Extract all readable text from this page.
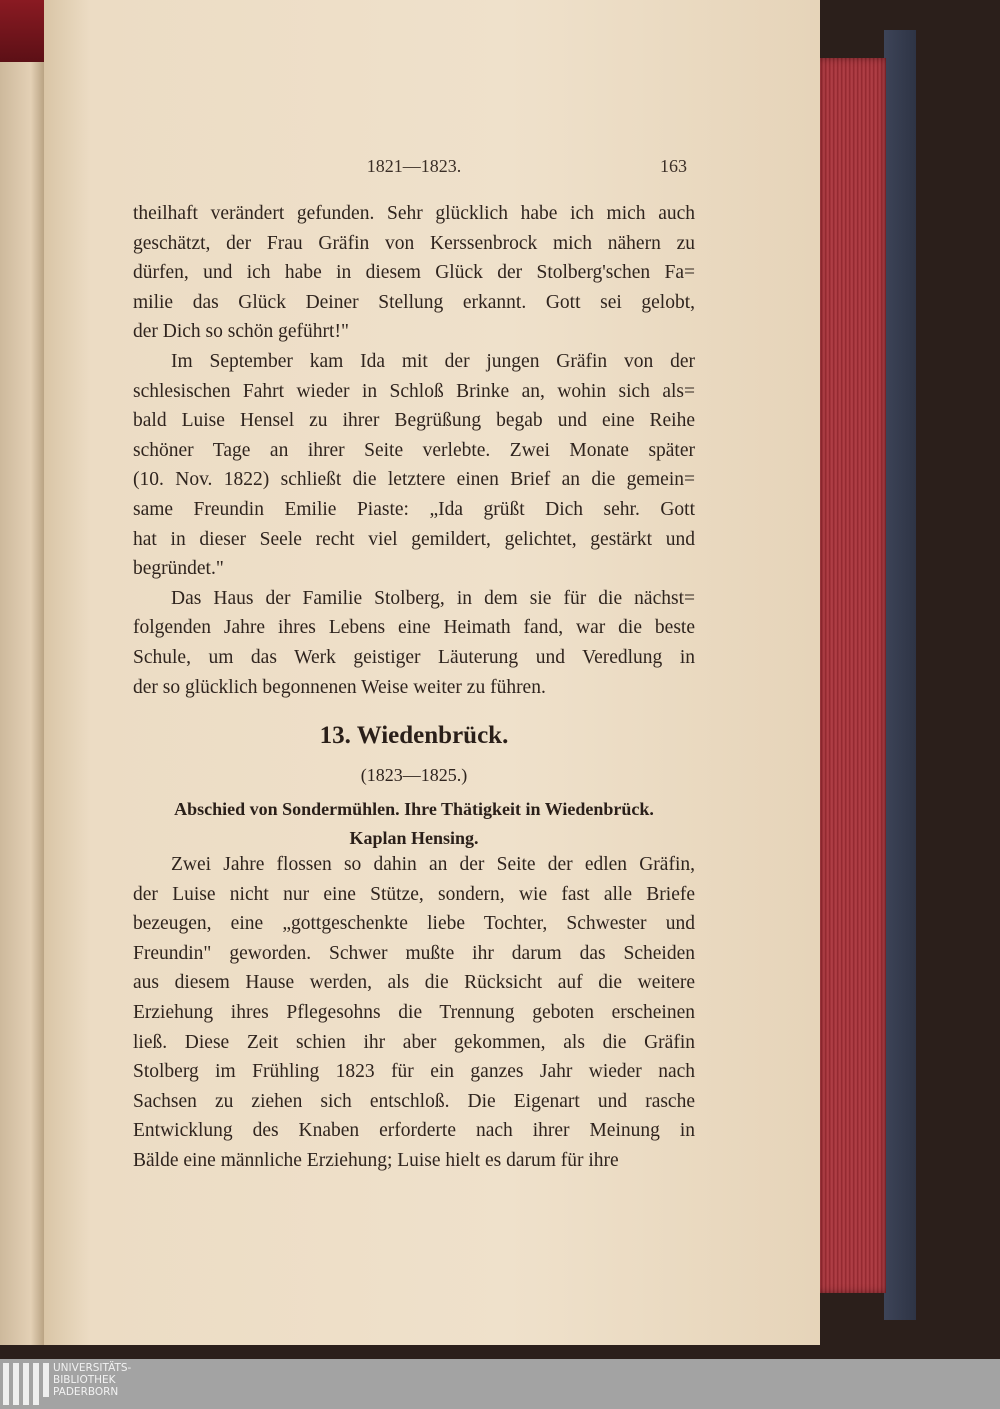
1821—1823.	163
theilhaft verändert gefunden. Sehr glücklich habe ich mich auch
geschätzt, der Frau Gräfin von Kerssenbrock mich nähern zu
dürfen, und ich habe in diesem Glück der Stolberg'schen Fa=
milie das Glück Deiner Stellung erkannt. Gott sei gelobt,
der Dich so schön geführt!"
Im September kam Ida mit der jungen Gräfin von der
schlesischen Fahrt wieder in Schloß Brinke an, wohin sich als=
bald Luise Hensel zu ihrer Begrüßung begab und eine Reihe
schöner Tage an ihrer Seite verlebte. Zwei Monate später
(10. Nov. 1822) schließt die letztere einen Brief an die gemein=
same Freundin Emilie Piaste: „Ida grüßt Dich sehr. Gott
hat in dieser Seele recht viel gemildert, gelichtet, gestärkt und
begründet."
Das Haus der Familie Stolberg, in dem sie für die nächst=
folgenden Jahre ihres Lebens eine Heimath fand, war die beste
Schule, um das Werk geistiger Läuterung und Veredlung in
der so glücklich begonnenen Weise weiter zu führen.
13. Wiedenbrück.
(1823—1825.)
Abschied von Sondermühlen. Ihre Thätigkeit in Wiedenbrück.
Kaplan Hensing.
Zwei Jahre flossen so dahin an der Seite der edlen Gräfin,
der Luise nicht nur eine Stütze, sondern, wie fast alle Briefe
bezeugen, eine „gottgeschenkte liebe Tochter, Schwester und
Freundin" geworden. Schwer mußte ihr darum das Scheiden
aus diesem Hause werden, als die Rücksicht auf die weitere
Erziehung ihres Pflegesohns die Trennung geboten erscheinen
ließ. Diese Zeit schien ihr aber gekommen, als die Gräfin
Stolberg im Frühling 1823 für ein ganzes Jahr wieder nach
Sachsen zu ziehen sich entschloß. Die Eigenart und rasche
Entwicklung des Knaben erforderte nach ihrer Meinung in
Bälde eine männliche Erziehung; Luise hielt es darum für ihre
UNIVERSITÄTS-
BIBLIOTHEK
PADERBORN
